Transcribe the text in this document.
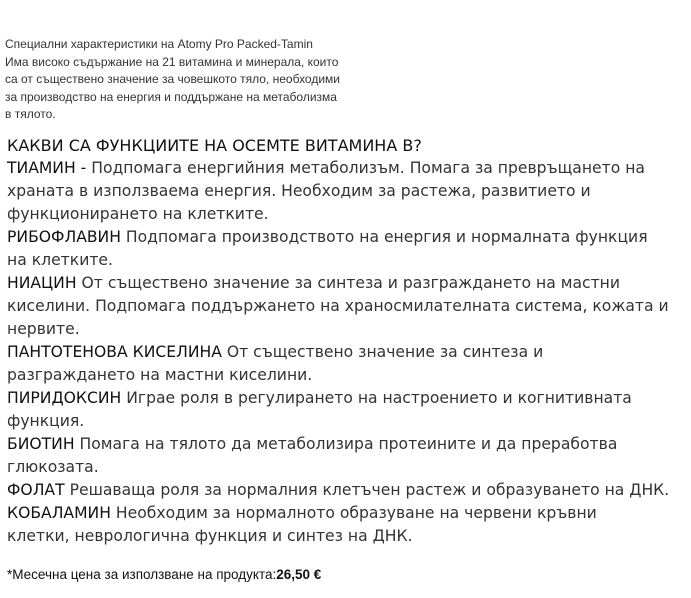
Специални характеристики на Atomy Pro Packed-Tamin
Има високо съдържание на 21 витамина и минерала, които
са от съществено значение за човешкото тяло, необходими
за производство на енергия и поддържане на метаболизма
в тялото.
КАКВИ СА ФУНКЦИИТЕ НА ОСЕМТЕ ВИТАМИНА В?
ТИАМИН - Подпомага енергийния метаболизъм. Помага за превръщането на
храната в използваема енергия. Необходим за растежа, развитието и
функционирането на клетките.
РИБОФЛАВИН Подпомага производството на енергия и нормалната функция
на клетките.
НИАЦИН От съществено значение за синтеза и разграждането на мастни
киселини. Подпомага поддържането на храносмилателната система, кожата и
нервите.
ПАНТОТЕНОВА КИСЕЛИНА От съществено значение за синтеза и
разграждането на мастни киселини.
ПИРИДОКСИН Играе роля в регулирането на настроението и когнитивната
функция.
БИОТИН Помага на тялото да метаболизира протеините и да преработва
глюкозата.
ФОЛАТ Решаваща роля за нормалния клетъчен растеж и образуването на ДНК.
КОБАЛАМИН Необходим за нормалното образуване на червени кръвни
клетки, неврологична функция и синтез на ДНК.
*Месечна цена за използване на продукта:26,50 €
